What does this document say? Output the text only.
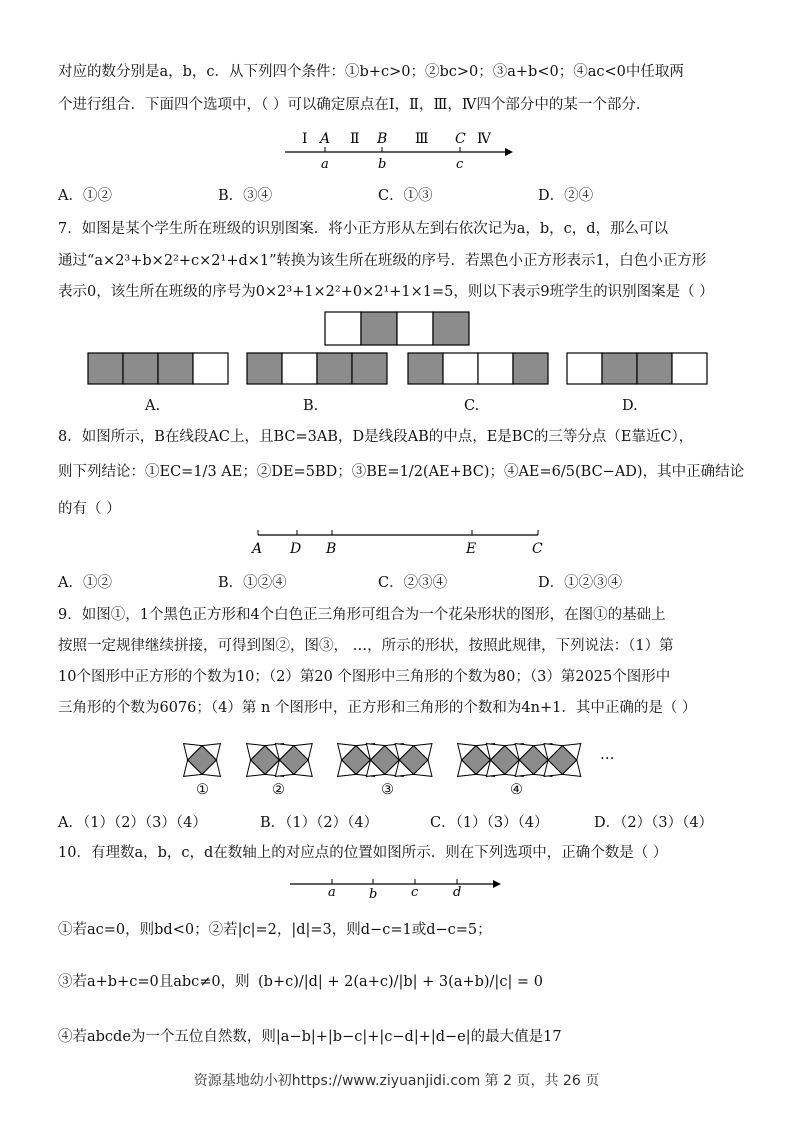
对应的数分别是a，b，c．从下列四个条件：①b+c>0；②bc>0；③a+b<0；④ac<0中任取两
个进行组合．下面四个选项中，（ ）可以确定原点在Ⅰ，Ⅱ，Ⅲ，Ⅳ四个部分中的某一个部分．
Ⅰ	Ⅱ	Ⅲ	Ⅳ
A	B	C
a	b	c
A．①②	B．③④	C．①③	D．②④
7．如图是某个学生所在班级的识别图案．将小正方形从左到右依次记为a，b，c，d，那么可以
通过“a×2³+b×2²+c×2¹+d×1”转换为该生所在班级的序号．若黑色小正方形表示1，白色小正方形
表示0，该生所在班级的序号为0×2³+1×2²+0×2¹+1×1=5，则以下表示9班学生的识别图案是（ ）
A.	B.	C.	D.
8．如图所示，B在线段AC上，且BC=3AB，D是线段AB的中点，E是BC的三等分点（E靠近C），
则下列结论：①EC=1/3 AE；②DE=5BD；③BE=1/2(AE+BC)；④AE=6/5(BC−AD)，其中正确结论
的有（ ）
A D B	E	C
A．①②	B．①②④	C．②③④	D．①②③④
9．如图①，1个黑色正方形和4个白色正三角形可组合为一个花朵形状的图形，在图①的基础上
按照一定规律继续拼接，可得到图②，图③， …，所示的形状，按照此规律，下列说法：（1）第
10个图形中正方形的个数为10；（2）第20 个图形中三角形的个数为80；（3）第2025个图形中
三角形的个数为6076；（4）第 n 个图形中，正方形和三角形的个数和为4n+1．其中正确的是（ ）
①	②	③	④
…
A．（1）（2）（3）（4）	B．（1）（2）（4）	C．（1）（3）（4）	D．（2）（3）（4）
10．有理数a，b，c，d在数轴上的对应点的位置如图所示．则在下列选项中，正确个数是（ ）
a	b	c	d
①若ac=0，则bd<0；②若|c|=2，|d|=3，则d−c=1或d−c=5；
③若a+b+c=0且abc≠0，则 (b+c)/|d| + 2(a+c)/|b| + 3(a+b)/|c| = 0
④若abcde为一个五位自然数，则|a−b|+|b−c|+|c−d|+|d−e|的最大值是17
资源基地幼小初https://www.ziyuanjidi.com 第 2 页，共 26 页
